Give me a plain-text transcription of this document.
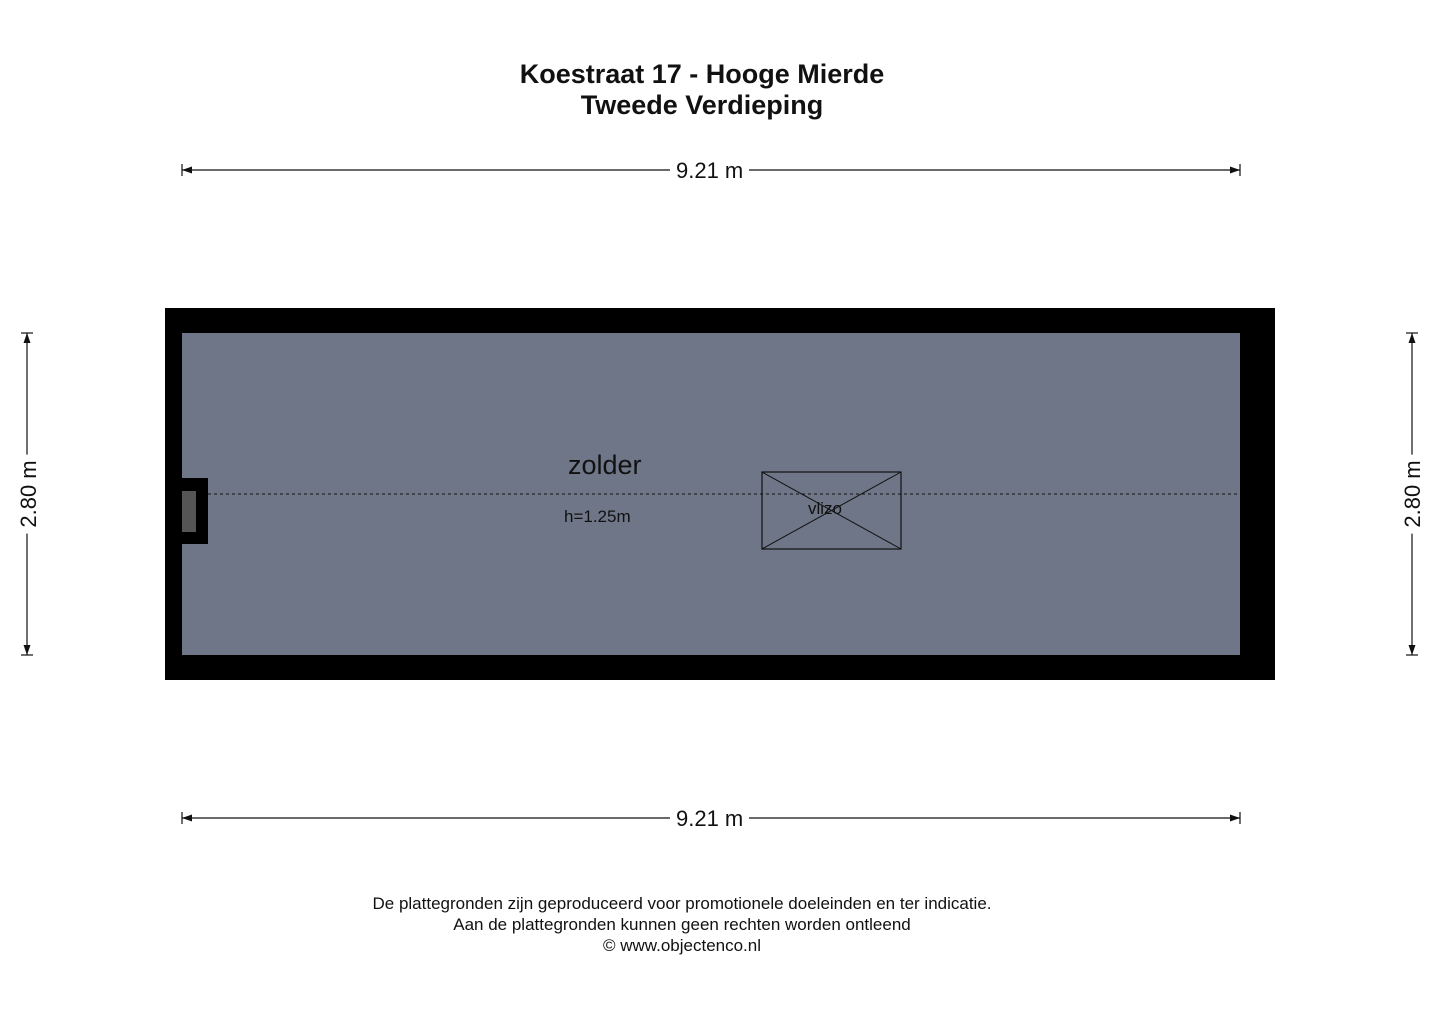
Koestraat 17 - Hooge Mierde
Tweede Verdieping
9.21 m
9.21 m
2.80 m	2.80 m
zolder
h=1.25m	vlizo
De plattegronden zijn geproduceerd voor promotionele doeleinden en ter indicatie.
Aan de plattegronden kunnen geen rechten worden ontleend
© www.objectenco.nl
